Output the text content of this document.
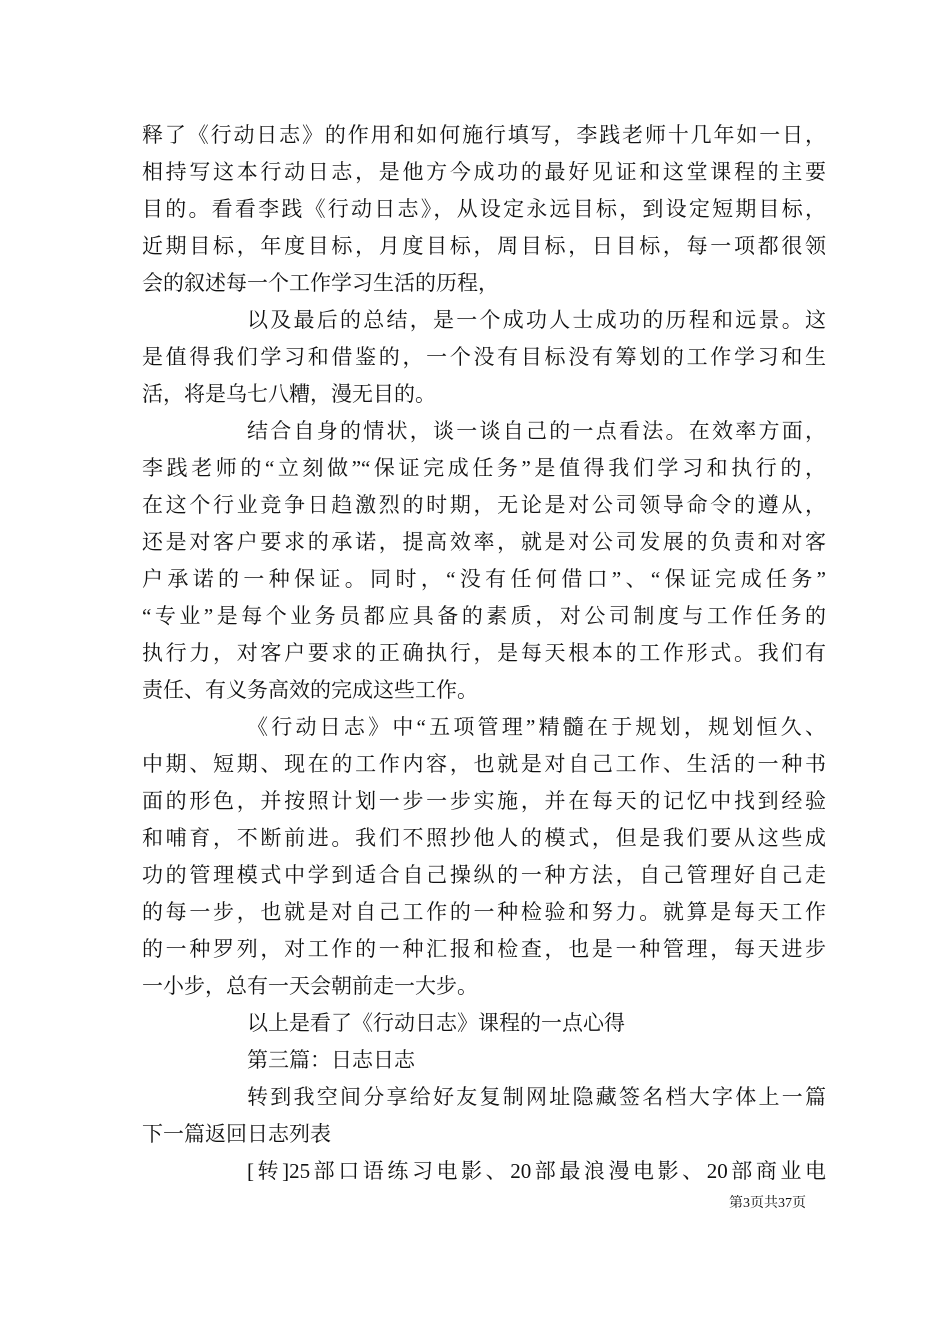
释了《行动日志》的作用和如何施行填写，李践老师十几年如一日，
相持写这本行动日志，是他方今成功的最好见证和这堂课程的主要
目的。看看李践《行动日志》，从设定永远目标，到设定短期目标，
近期目标，年度目标，月度目标，周目标，日目标，每一项都很领
会的叙述每一个工作学习生活的历程，
以及最后的总结，是一个成功人士成功的历程和远景。这
是值得我们学习和借鉴的，一个没有目标没有筹划的工作学习和生
活，将是乌七八糟，漫无目的。
结合自身的情状，谈一谈自己的一点看法。在效率方面，
李践老师的“立刻做”“保证完成任务”是值得我们学习和执行的，
在这个行业竞争日趋激烈的时期，无论是对公司领导命令的遵从，
还是对客户要求的承诺，提高效率，就是对公司发展的负责和对客
户承诺的一种保证。同时，“没有任何借口”、“保证完成任务”
“专业”是每个业务员都应具备的素质，对公司制度与工作任务的
执行力，对客户要求的正确执行，是每天根本的工作形式。我们有
责任、有义务高效的完成这些工作。
《行动日志》中“五项管理”精髓在于规划，规划恒久、
中期、短期、现在的工作内容，也就是对自己工作、生活的一种书
面的形色，并按照计划一步一步实施，并在每天的记忆中找到经验
和哺育，不断前进。我们不照抄他人的模式，但是我们要从这些成
功的管理模式中学到适合自己操纵的一种方法，自己管理好自己走
的每一步，也就是对自己工作的一种检验和努力。就算是每天工作
的一种罗列，对工作的一种汇报和检查，也是一种管理，每天进步
一小步，总有一天会朝前走一大步。
以上是看了《行动日志》课程的一点心得
第三篇：日志日志
转到我空间分享给好友复制网址隐藏签名档大字体上一篇
下一篇返回日志列表
[转]25部口语练习电影、20部最浪漫电影、20部商业电
第3页共37页
